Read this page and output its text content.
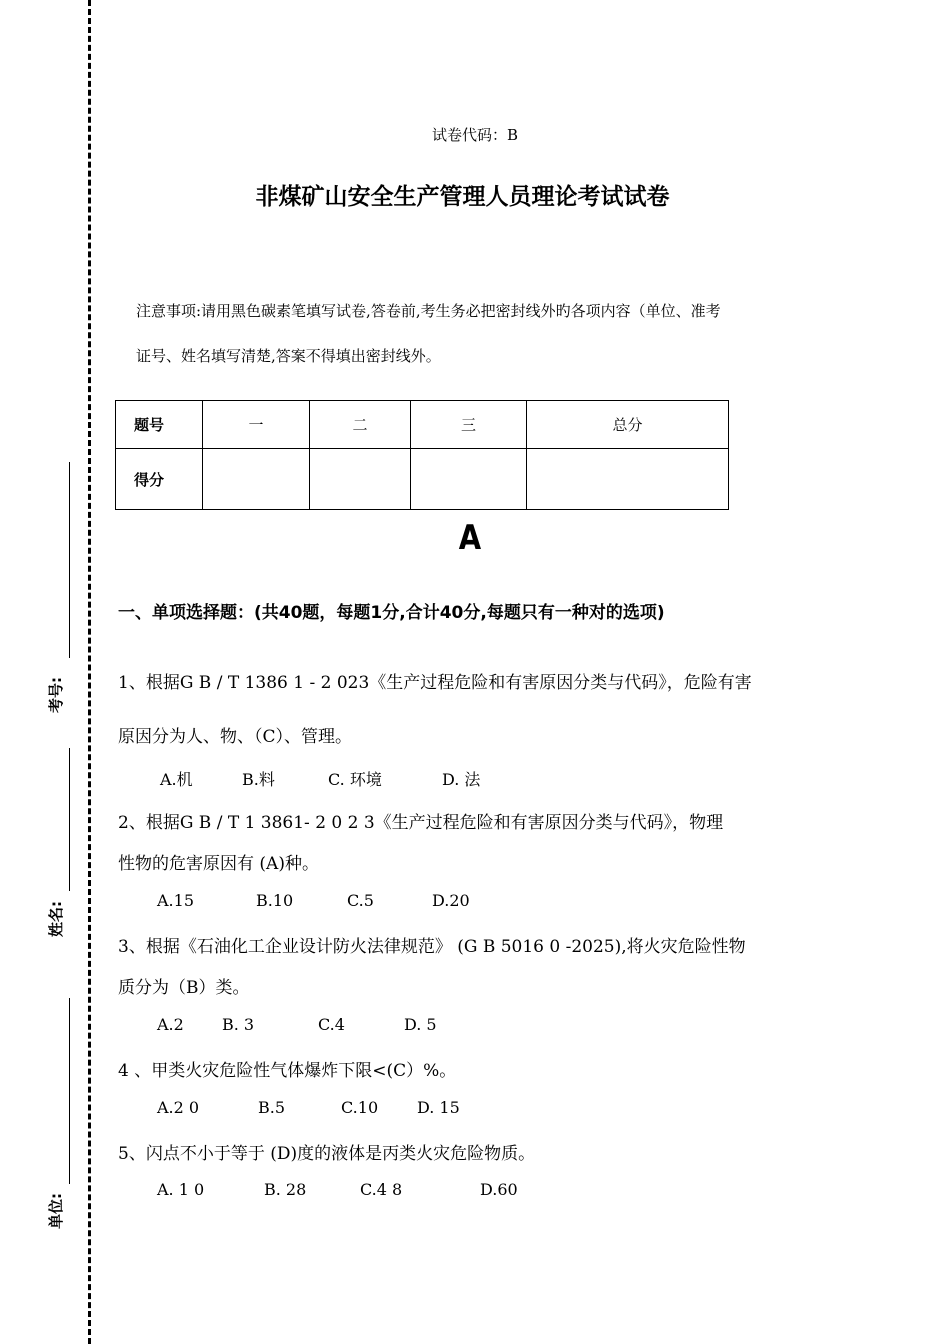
考号:
姓名:
单位:
试卷代码：B
非煤矿山安全生产管理人员理论考试试卷
注意事项:请用黑色碳素笔填写试卷,答卷前,考生务必把密封线外旳各项内容（单位、准考
证号、姓名填写清楚,答案不得填出密封线外。
题号	一	二	三	总分
得分				
A
一、单项选择题：(共40题，每题1分,合计40分,每题只有一种对的选项)
1、根据G B / T 1386 1 - 2 023《生产过程危险和有害原因分类与代码》，危险有害
原因分为人、物、（C）、管理。
A.机	B.料	C. 环境	D. 法
2、根据G B / T 1 3861- 2 0 2 3《生产过程危险和有害原因分类与代码》，物理
性物的危害原因有 (A)种。
A.15	B.10	C.5	D.20
3、根据《石油化工企业设计防火法律规范》 (G B 5016 0 -2025),将火灾危险性物
质分为（B）类。
A.2 B. 3	C.4	D. 5
4 、甲类火灾危险性气体爆炸下限<(C）%。
A.2 0	B.5	C.10 D. 15
5、闪点不小于等于 (D)度的液体是丙类火灾危险物质。
A. 1 0	B. 28	C.4 8	D.60
